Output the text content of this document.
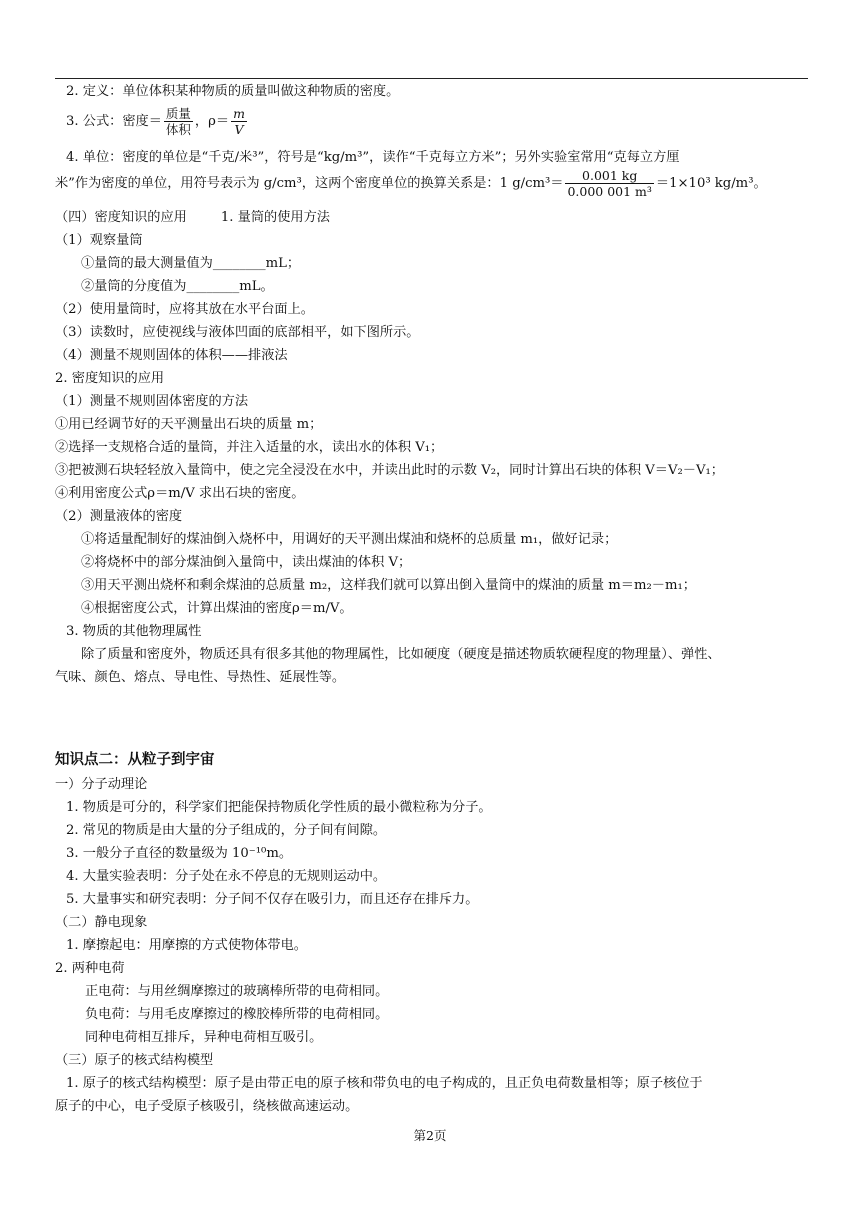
2. 定义：单位体积某种物质的质量叫做这种物质的密度。
3. 公式：密度＝ $\frac{\text{质量}}{\text{体积}}$ ，$\rho= \frac{m}{V}$
4. 单位：密度的单位是“千克/米³”，符号是“kg/m³”，读作“千克每立方米”；另外实验室常用“克每立方厘
米”作为密度的单位，用符号表示为 g/cm³，这两个密度单位的换算关系是：1 $g/cm^3= \frac{0.001 kg}{\text{0.000 001 m³}} =1\times 10^3$ kg/m³。
（四）密度知识的应用	1. 量筒的使用方法
（1）观察量筒
①量筒的最大测量值为________mL；
②量筒的分度值为________mL。
（2）使用量筒时，应将其放在水平台面上。
（3）读数时，应使视线与液体凹面的底部相平，如下图所示。
（4）测量不规则固体的体积——排液法
2. 密度知识的应用
（1）测量不规则固体密度的方法
①用已经调节好的天平测量出石块的质量 m；
②选择一支规格合适的量筒，并注入适量的水，读出水的体积 V₁；
③把被测石块轻轻放入量筒中，使之完全浸没在水中，并读出此时的示数 V₂，同时计算出石块的体积 V＝V₂－V₁；
④利用密度公式ρ＝m/V 求出石块的密度。
（2）测量液体的密度
①将适量配制好的煤油倒入烧杯中，用调好的天平测出煤油和烧杯的总质量 m₁，做好记录；
②将烧杯中的部分煤油倒入量筒中，读出煤油的体积 V；
③用天平测出烧杯和剩余煤油的总质量 m₂，这样我们就可以算出倒入量筒中的煤油的质量 m＝m₂－m₁；
④根据密度公式，计算出煤油的密度ρ＝m/V。
3. 物质的其他物理属性
除了质量和密度外，物质还具有很多其他的物理属性，比如硬度（硬度是描述物质软硬程度的物理量）、弹性、
气味、颜色、熔点、导电性、导热性、延展性等。
知识点二：从粒子到宇宙
一）分子动理论
1. 物质是可分的，科学家们把能保持物质化学性质的最小微粒称为分子。
2. 常见的物质是由大量的分子组成的，分子间有间隙。
3. 一般分子直径的数量级为 10⁻¹⁰m。
4. 大量实验表明：分子处在永不停息的无规则运动中。
5. 大量事实和研究表明：分子间不仅存在吸引力，而且还存在排斥力。
（二）静电现象
1. 摩擦起电：用摩擦的方式使物体带电。
2. 两种电荷
正电荷：与用丝绸摩擦过的玻璃棒所带的电荷相同。
负电荷：与用毛皮摩擦过的橡胶棒所带的电荷相同。
同种电荷相互排斥，异种电荷相互吸引。
（三）原子的核式结构模型
1. 原子的核式结构模型：原子是由带正电的原子核和带负电的电子构成的，且正负电荷数量相等；原子核位于
原子的中心，电子受原子核吸引，绕核做高速运动。
第2页
